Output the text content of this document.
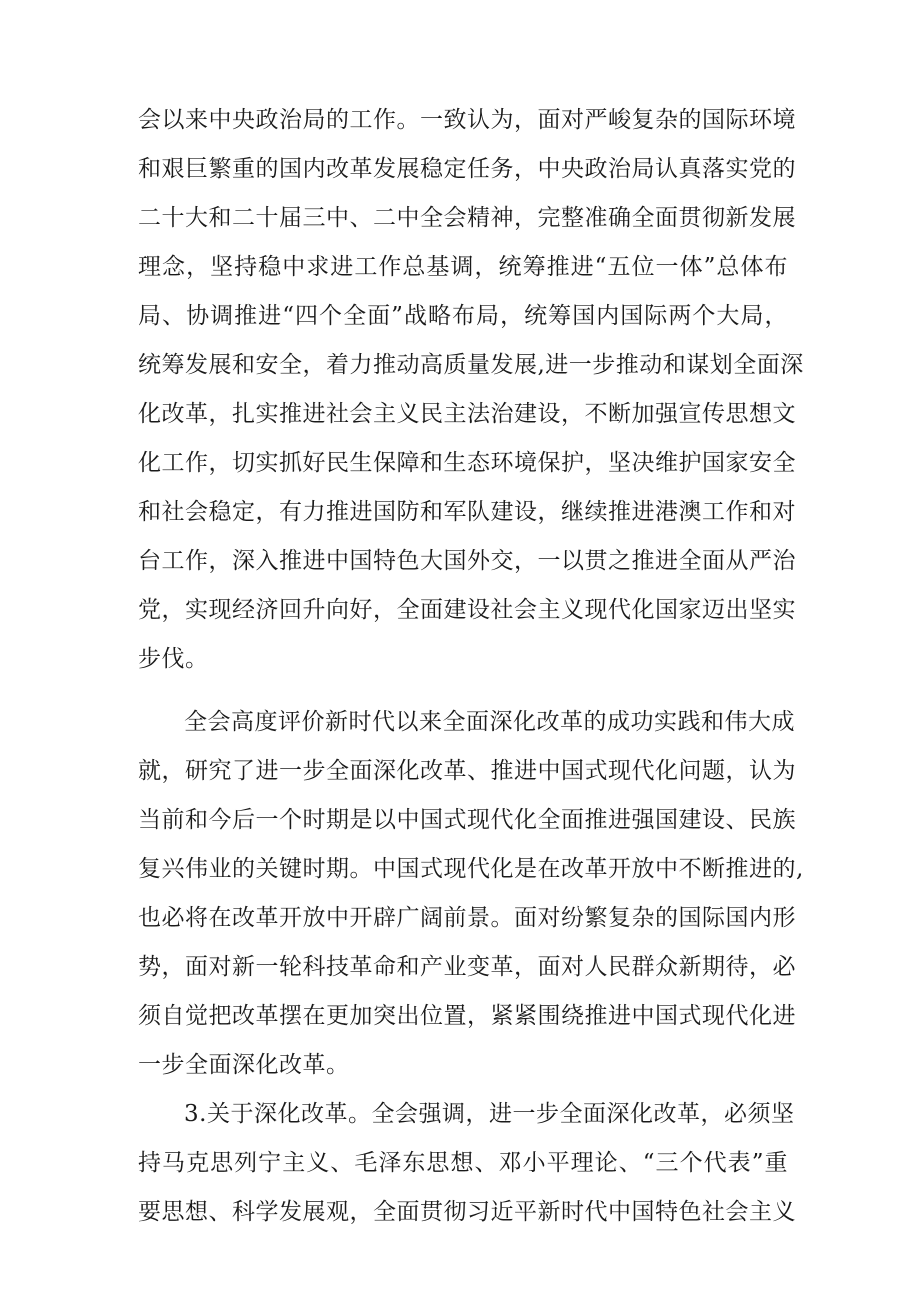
会以来中央政治局的工作。一致认为，面对严峻复杂的国际环境
和艰巨繁重的国内改革发展稳定任务，中央政治局认真落实党的
二十大和二十届三中、二中全会精神，完整准确全面贯彻新发展
理念，坚持稳中求进工作总基调，统筹推进“五位一体”总体布
局、协调推进“四个全面”战略布局，统筹国内国际两个大局，
统筹发展和安全，着力推动高质量发展,进一步推动和谋划全面深
化改革，扎实推进社会主义民主法治建设，不断加强宣传思想文
化工作，切实抓好民生保障和生态环境保护，坚决维护国家安全
和社会稳定，有力推进国防和军队建设，继续推进港澳工作和对
台工作，深入推进中国特色大国外交，一以贯之推进全面从严治
党，实现经济回升向好，全面建设社会主义现代化国家迈出坚实
步伐。
全会高度评价新时代以来全面深化改革的成功实践和伟大成
就，研究了进一步全面深化改革、推进中国式现代化问题，认为
当前和今后一个时期是以中国式现代化全面推进强国建设、民族
复兴伟业的关键时期。中国式现代化是在改革开放中不断推进的,
也必将在改革开放中开辟广阔前景。面对纷繁复杂的国际国内形
势，面对新一轮科技革命和产业变革，面对人民群众新期待，必
须自觉把改革摆在更加突出位置，紧紧围绕推进中国式现代化进
一步全面深化改革。
3.关于深化改革。全会强调，进一步全面深化改革，必须坚
持马克思列宁主义、毛泽东思想、邓小平理论、“三个代表”重
要思想、科学发展观，全面贯彻习近平新时代中国特色社会主义
